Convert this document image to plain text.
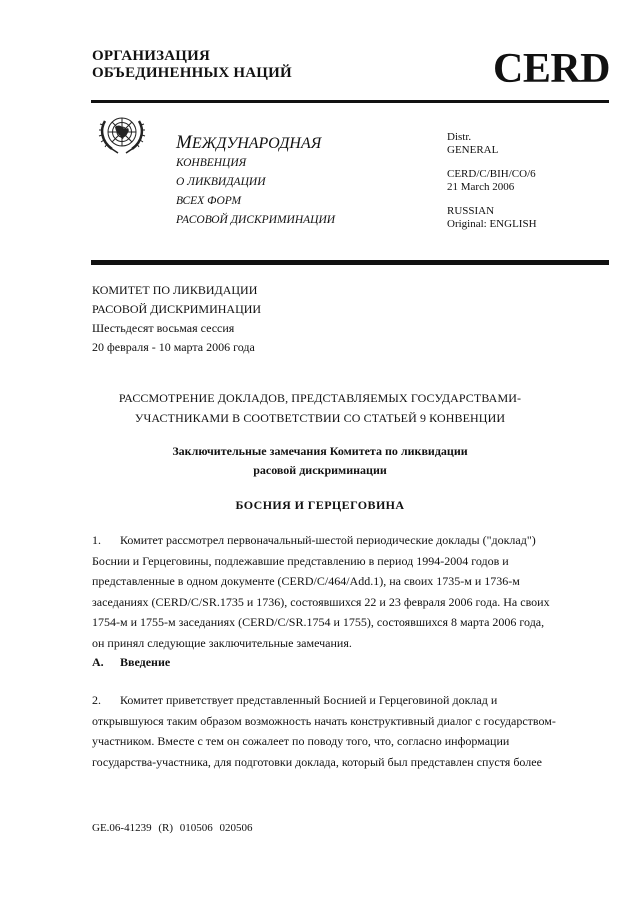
ОРГАНИЗАЦИЯ
ОБЪЕДИНЕННЫХ НАЦИЙ	CERD
МЕЖДУНАРОДНАЯ
КОНВЕНЦИЯ
О ЛИКВИДАЦИИ
ВСЕХ ФОРМ
РАСОВОЙ ДИСКРИМИНАЦИИ
Distr.
GENERAL
CERD/C/BIH/CO/6
21 March 2006
RUSSIAN
Original: ENGLISH
КОМИТЕТ ПО ЛИКВИДАЦИИ
РАСОВОЙ ДИСКРИМИНАЦИИ
Шестьдесят восьмая сессия
20 февраля - 10 марта 2006 года
РАССМОТРЕНИЕ ДОКЛАДОВ, ПРЕДСТАВЛЯЕМЫХ ГОСУДАРСТВАМИ-
УЧАСТНИКАМИ В СООТВЕТСТВИИ СО СТАТЬЕЙ 9 КОНВЕНЦИИ
Заключительные замечания Комитета по ликвидации
расовой дискриминации
БОСНИЯ И ГЕРЦЕГОВИНА
1. Комитет рассмотрел первоначальный-шестой периодические доклады ("доклад")
Боснии и Герцеговины, подлежавшие представлению в период 1994-2004 годов и
представленные в одном документе (CERD/C/464/Add.1), на своих 1735-м и 1736-м
заседаниях (CERD/C/SR.1735 и 1736), состоявшихся 22 и 23 февраля 2006 года. На своих
1754-м и 1755-м заседаниях (CERD/C/SR.1754 и 1755), состоявшихся 8 марта 2006 года,
он принял следующие заключительные замечания.
A. Введение
2. Комитет приветствует представленный Боснией и Герцеговиной доклад и
открывшуюся таким образом возможность начать конструктивный диалог с государством-
участником. Вместе с тем он сожалеет по поводу того, что, согласно информации
государства-участника, для подготовки доклада, который был представлен спустя более
GE.06-41239 (R) 010506 020506
